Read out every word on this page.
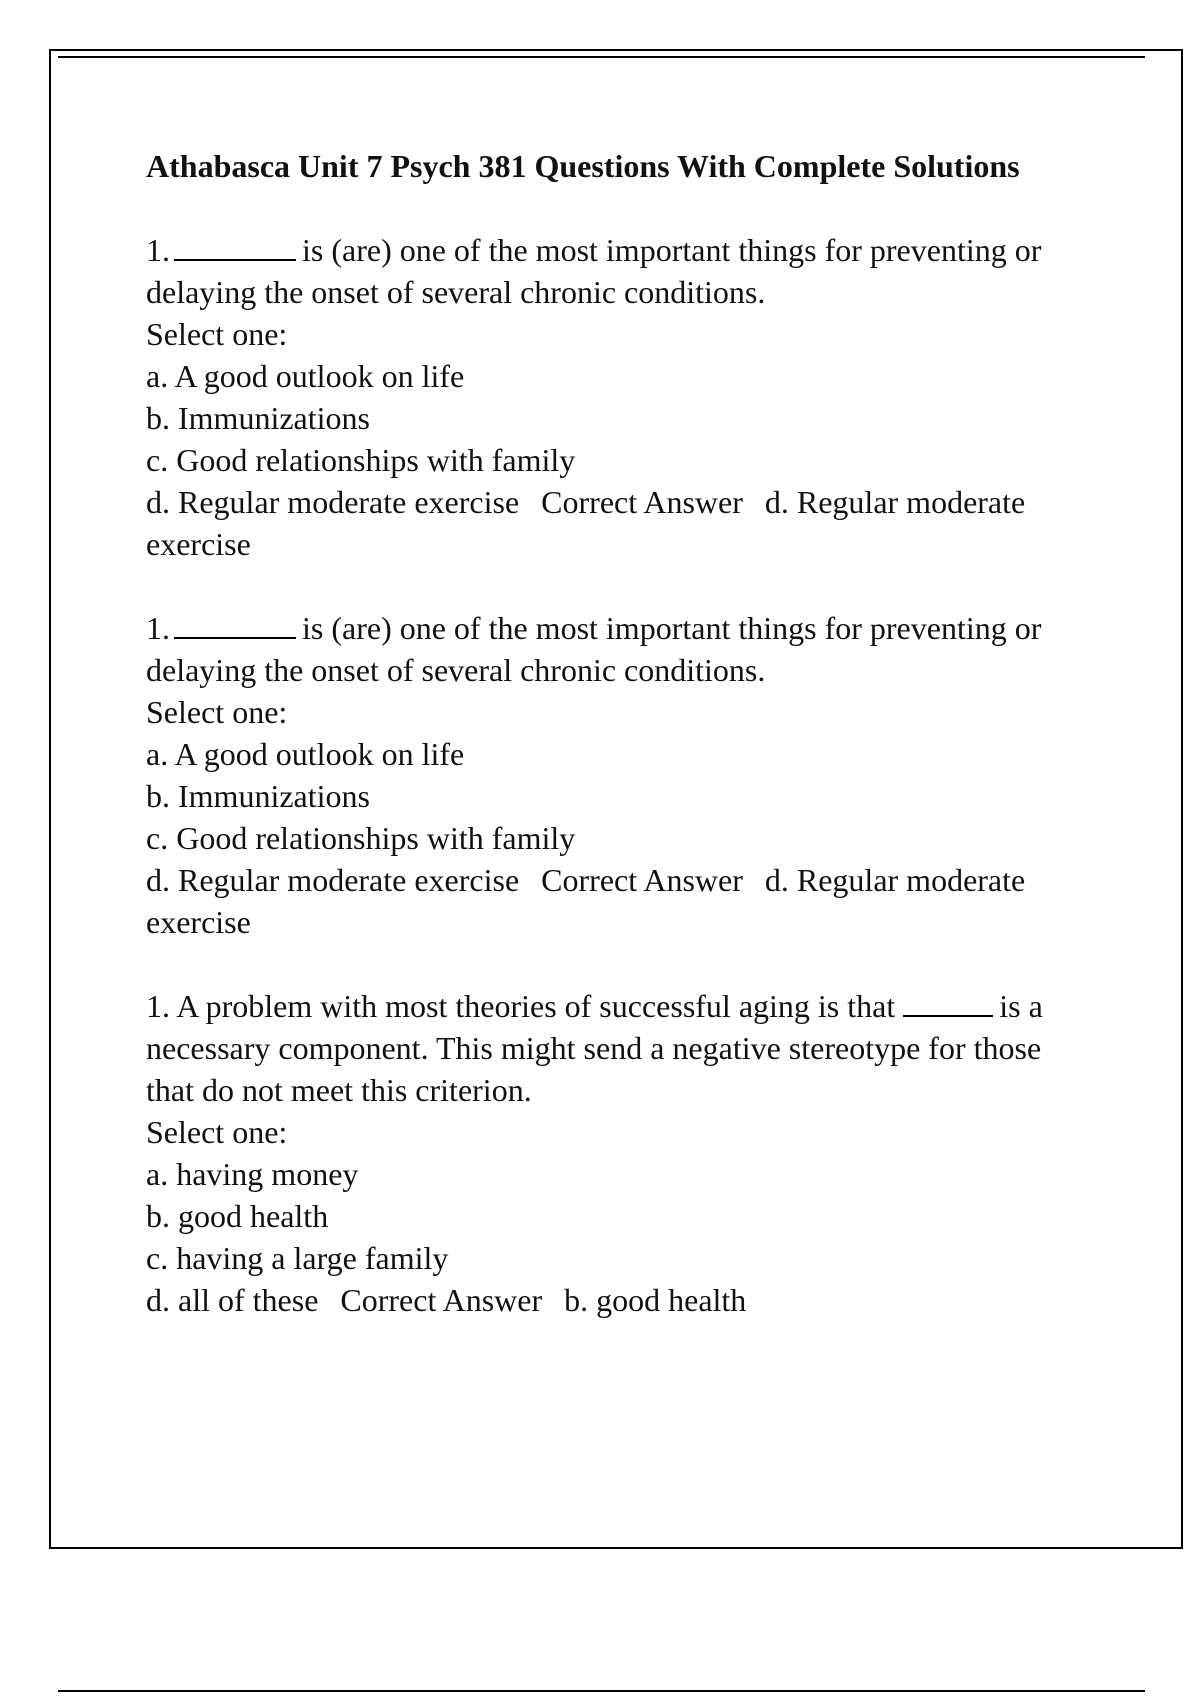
Athabasca Unit 7 Psych 381 Questions With Complete Solutions
1.	is (are) one of the most important things for preventing or delaying the onset of several chronic conditions.
Select one:
a. A good outlook on life
b. Immunizations
c. Good relationships with family
d. Regular moderate exercise Correct Answer d. Regular moderate exercise
1.	is (are) one of the most important things for preventing or delaying the onset of several chronic conditions.
Select one:
a. A good outlook on life
b. Immunizations
c. Good relationships with family
d. Regular moderate exercise Correct Answer d. Regular moderate exercise
1. A problem with most theories of successful aging is that	is a necessary component. This might send a negative stereotype for those that do not meet this criterion.
Select one:
a. having money
b. good health
c. having a large family
d. all of these Correct Answer b. good health
